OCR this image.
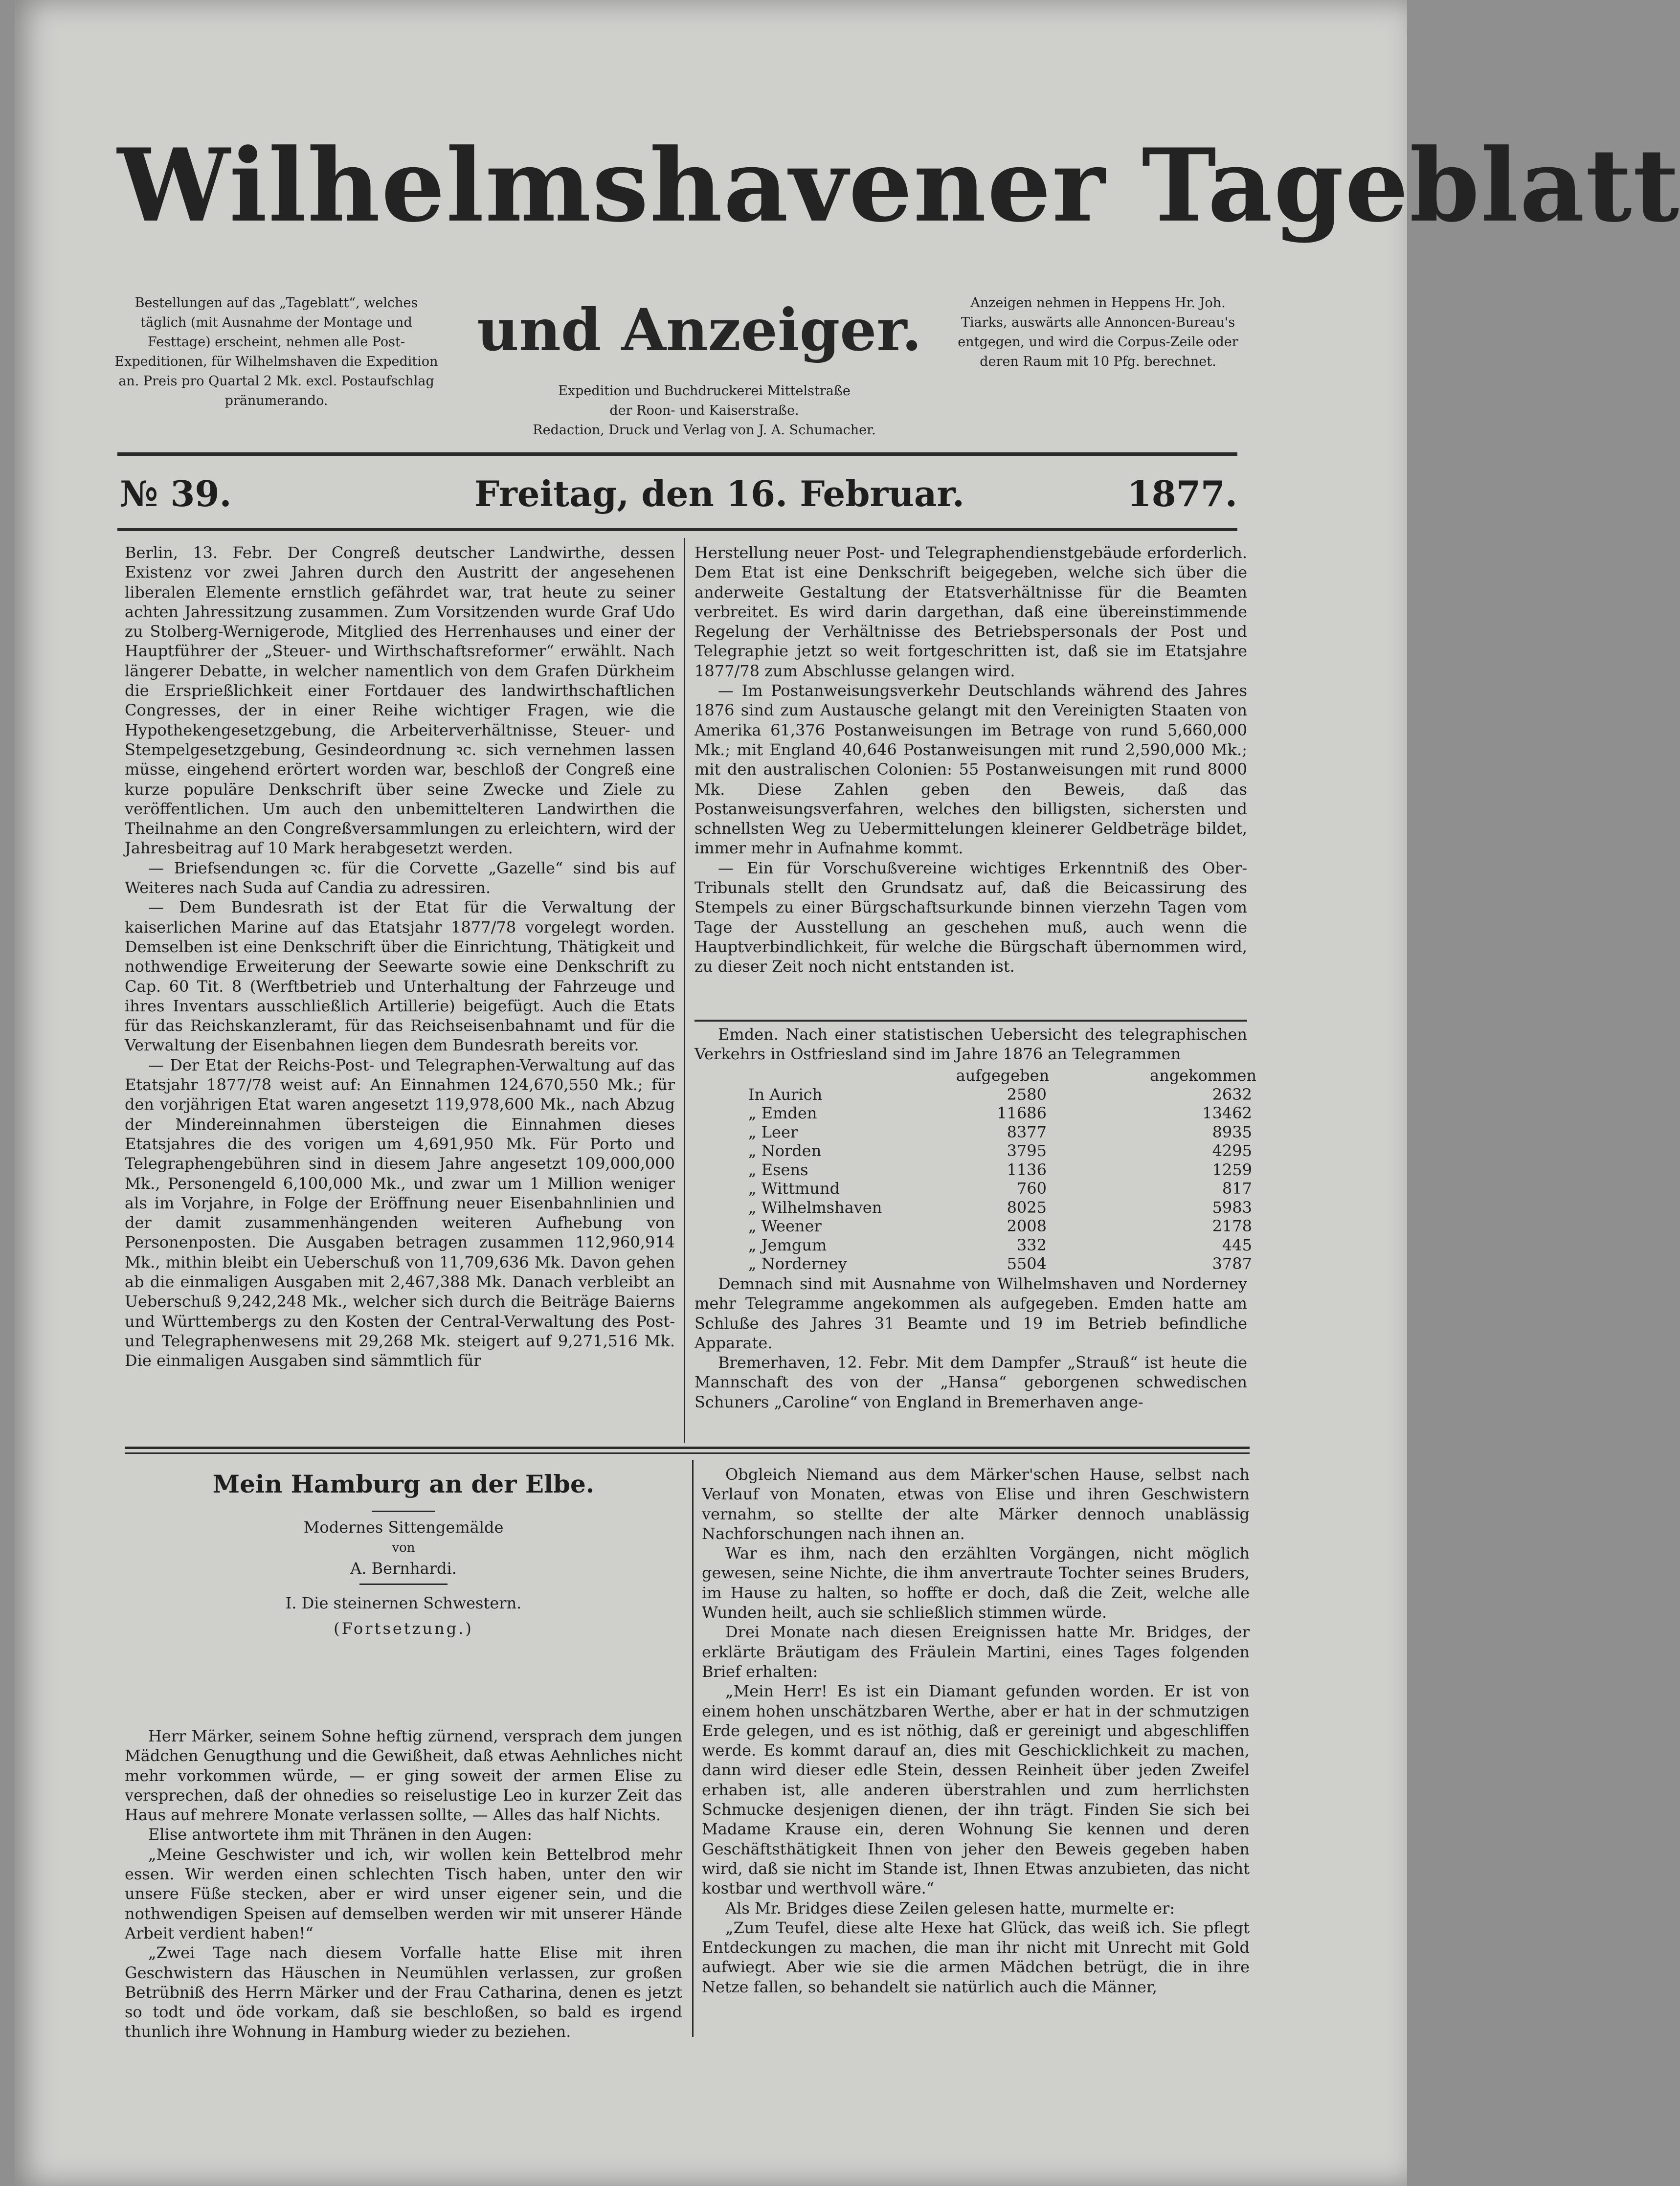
Wilhelmshavener Tageblatt
und Anzeiger.
Bestellungen auf das „Tageblatt“, welches täglich (mit Ausnahme der Montage und Festtage) erscheint, nehmen alle Post-Expeditionen, für Wilhelmshaven die Expedition an. Preis pro Quartal 2 Mk. excl. Postaufschlag pränumerando.
Anzeigen nehmen in Heppens Hr. Joh. Tiarks, auswärts alle Annoncen-Bureau's entgegen, und wird die Corpus-Zeile oder deren Raum mit 10 Pfg. berechnet.
Expedition und Buchdruckerei Mittelstraße
der Roon- und Kaiserstraße.
Redaction, Druck und Verlag von J. A. Schumacher.
№ 39.	Freitag, den 16. Februar.	1877.

Berlin, 13. Febr. Der Congreß deutscher Landwirthe, dessen Existenz vor zwei Jahren durch den Austritt der angesehenen liberalen Elemente ernstlich gefährdet war, trat heute zu seiner achten Jahressitzung zusammen. Zum Vorsitzenden wurde Graf Udo zu Stolberg-Wernigerode, Mitglied des Herrenhauses und einer der Hauptführer der „Steuer- und Wirthschaftsreformer“ erwählt. Nach längerer Debatte, in welcher namentlich von dem Grafen Dürkheim die Ersprießlichkeit einer Fortdauer des landwirthschaftlichen Congresses, der in einer Reihe wichtiger Fragen, wie die Hypothekengesetzgebung, die Arbeiterverhältnisse, Steuer- und Stempelgesetzgebung, Gesindeordnung ꝛc. sich vernehmen lassen müsse, eingehend erörtert worden war, beschloß der Congreß eine kurze populäre Denkschrift über seine Zwecke und Ziele zu veröffentlichen. Um auch den unbemittelteren Landwirthen die Theilnahme an den Congreßversammlungen zu erleichtern, wird der Jahresbeitrag auf 10 Mark herabgesetzt werden.

— Briefsendungen ꝛc. für die Corvette „Gazelle“ sind bis auf Weiteres nach Suda auf Candia zu adressiren.

— Dem Bundesrath ist der Etat für die Verwaltung der kaiserlichen Marine auf das Etatsjahr 1877/78 vorgelegt worden. Demselben ist eine Denkschrift über die Einrichtung, Thätigkeit und nothwendige Erweiterung der Seewarte sowie eine Denkschrift zu Cap. 60 Tit. 8 (Werftbetrieb und Unterhaltung der Fahrzeuge und ihres Inventars ausschließlich Artillerie) beigefügt. Auch die Etats für das Reichskanzleramt, für das Reichseisenbahnamt und für die Verwaltung der Eisenbahnen liegen dem Bundesrath bereits vor.

— Der Etat der Reichs-Post- und Telegraphen-Verwaltung auf das Etatsjahr 1877/78 weist auf: An Einnahmen 124,670,550 Mk.; für den vorjährigen Etat waren angesetzt 119,978,600 Mk., nach Abzug der Mindereinnahmen übersteigen die Einnahmen dieses Etatsjahres die des vorigen um 4,691,950 Mk. Für Porto und Telegraphengebühren sind in diesem Jahre angesetzt 109,000,000 Mk., Personengeld 6,100,000 Mk., und zwar um 1 Million weniger als im Vorjahre, in Folge der Eröffnung neuer Eisenbahnlinien und der damit zusammenhängenden weiteren Aufhebung von Personenposten. Die Ausgaben betragen zusammen 112,960,914 Mk., mithin bleibt ein Ueberschuß von 11,709,636 Mk. Davon gehen ab die einmaligen Ausgaben mit 2,467,388 Mk. Danach verbleibt an Ueberschuß 9,242,248 Mk., welcher sich durch die Beiträge Baierns und Württembergs zu den Kosten der Central-Verwaltung des Post- und Telegraphenwesens mit 29,268 Mk. steigert auf 9,271,516 Mk. Die einmaligen Ausgaben sind sämmtlich für

Herstellung neuer Post- und Telegraphendienstgebäude erforderlich. Dem Etat ist eine Denkschrift beigegeben, welche sich über die anderweite Gestaltung der Etatsverhältnisse für die Beamten verbreitet. Es wird darin dargethan, daß eine übereinstimmende Regelung der Verhältnisse des Betriebspersonals der Post und Telegraphie jetzt so weit fortgeschritten ist, daß sie im Etatsjahre 1877/78 zum Abschlusse gelangen wird.

— Im Postanweisungsverkehr Deutschlands während des Jahres 1876 sind zum Austausche gelangt mit den Vereinigten Staaten von Amerika 61,376 Postanweisungen im Betrage von rund 5,660,000 Mk.; mit England 40,646 Postanweisungen mit rund 2,590,000 Mk.; mit den australischen Colonien: 55 Postanweisungen mit rund 8000 Mk. Diese Zahlen geben den Beweis, daß das Postanweisungsverfahren, welches den billigsten, sichersten und schnellsten Weg zu Uebermittelungen kleinerer Geldbeträge bildet, immer mehr in Aufnahme kommt.

— Ein für Vorschußvereine wichtiges Erkenntniß des Ober-Tribunals stellt den Grundsatz auf, daß die Beicassirung des Stempels zu einer Bürgschaftsurkunde binnen vierzehn Tagen vom Tage der Ausstellung an geschehen muß, auch wenn die Hauptverbindlichkeit, für welche die Bürgschaft übernommen wird, zu dieser Zeit noch nicht entstanden ist.

Emden. Nach einer statistischen Uebersicht des telegraphischen Verkehrs in Ostfriesland sind im Jahre 1876 an Telegrammen

aufgegeben	angekommen
In Aurich	2580	2632
„ Emden	11686	13462
„ Leer	8377	8935
„ Norden	3795	4295
„ Esens	1136	1259
„ Wittmund	760	817
„ Wilhelmshaven	8025	5983
„ Weener	2008	2178
„ Jemgum	332	445
„ Norderney	5504	3787

Demnach sind mit Ausnahme von Wilhelmshaven und Norderney mehr Telegramme angekommen als aufgegeben. Emden hatte am Schluße des Jahres 31 Beamte und 19 im Betrieb befindliche Apparate.

Bremerhaven, 12. Febr. Mit dem Dampfer „Strauß“ ist heute die Mannschaft des von der „Hansa“ geborgenen schwedischen Schuners „Caroline“ von England in Bremerhaven ange-

Mein Hamburg an der Elbe.
Modernes Sittengemälde
von
A. Bernhardi.
I. Die steinernen Schwestern.
(Fortsetzung.)

Herr Märker, seinem Sohne heftig zürnend, versprach dem jungen Mädchen Genugthung und die Gewißheit, daß etwas Aehnliches nicht mehr vorkommen würde, — er ging soweit der armen Elise zu versprechen, daß der ohnedies so reiselustige Leo in kurzer Zeit das Haus auf mehrere Monate verlassen sollte, — Alles das half Nichts.

Elise antwortete ihm mit Thränen in den Augen:

„Meine Geschwister und ich, wir wollen kein Bettelbrod mehr essen. Wir werden einen schlechten Tisch haben, unter den wir unsere Füße stecken, aber er wird unser eigener sein, und die nothwendigen Speisen auf demselben werden wir mit unserer Hände Arbeit verdient haben!“

„Zwei Tage nach diesem Vorfalle hatte Elise mit ihren Geschwistern das Häuschen in Neumühlen verlassen, zur großen Betrübniß des Herrn Märker und der Frau Catharina, denen es jetzt so todt und öde vorkam, daß sie beschloßen, so bald es irgend thunlich ihre Wohnung in Hamburg wieder zu beziehen.

Obgleich Niemand aus dem Märker'schen Hause, selbst nach Verlauf von Monaten, etwas von Elise und ihren Geschwistern vernahm, so stellte der alte Märker dennoch unablässig Nachforschungen nach ihnen an.

War es ihm, nach den erzählten Vorgängen, nicht möglich gewesen, seine Nichte, die ihm anvertraute Tochter seines Bruders, im Hause zu halten, so hoffte er doch, daß die Zeit, welche alle Wunden heilt, auch sie schließlich stimmen würde.

Drei Monate nach diesen Ereignissen hatte Mr. Bridges, der erklärte Bräutigam des Fräulein Martini, eines Tages folgenden Brief erhalten:

„Mein Herr! Es ist ein Diamant gefunden worden. Er ist von einem hohen unschätzbaren Werthe, aber er hat in der schmutzigen Erde gelegen, und es ist nöthig, daß er gereinigt und abgeschliffen werde. Es kommt darauf an, dies mit Geschicklichkeit zu machen, dann wird dieser edle Stein, dessen Reinheit über jeden Zweifel erhaben ist, alle anderen überstrahlen und zum herrlichsten Schmucke desjenigen dienen, der ihn trägt. Finden Sie sich bei Madame Krause ein, deren Wohnung Sie kennen und deren Geschäftsthätigkeit Ihnen von jeher den Beweis gegeben haben wird, daß sie nicht im Stande ist, Ihnen Etwas anzubieten, das nicht kostbar und werthvoll wäre.“

Als Mr. Bridges diese Zeilen gelesen hatte, murmelte er:

„Zum Teufel, diese alte Hexe hat Glück, das weiß ich. Sie pflegt Entdeckungen zu machen, die man ihr nicht mit Unrecht mit Gold aufwiegt. Aber wie sie die armen Mädchen betrügt, die in ihre Netze fallen, so behandelt sie natürlich auch die Männer,
